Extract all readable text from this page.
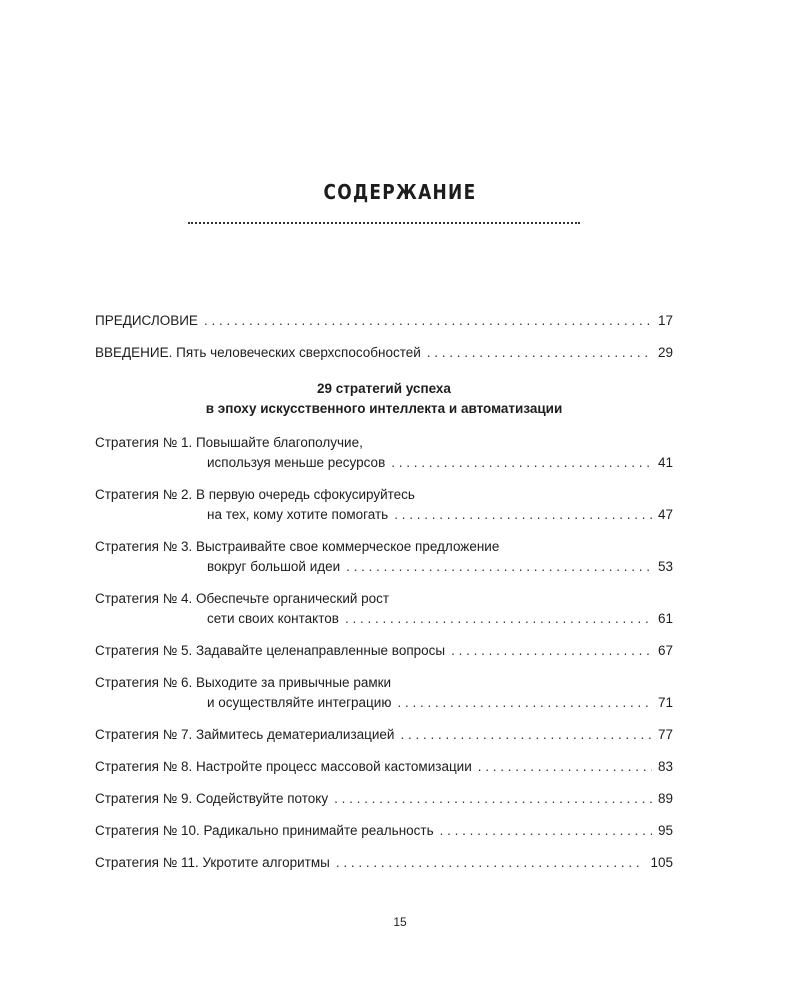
СОДЕРЖАНИЕ
ПРЕДИСЛОВИЕ . . .	17
ВВЕДЕНИЕ. Пять человеческих сверхспособностей . . .	29
29 стратегий успеха
в эпоху искусственного интеллекта и автоматизации
Стратегия № 1. Повышайте благополучие,
используя меньше ресурсов . . .	41
Стратегия № 2. В первую очередь сфокусируйтесь
на тех, кому хотите помогать . . .	47
Стратегия № 3. Выстраивайте свое коммерческое предложение
вокруг большой идеи . . .	53
Стратегия № 4. Обеспечьте органический рост
сети своих контактов . . .	61
Стратегия № 5. Задавайте целенаправленные вопросы . . .	67
Стратегия № 6. Выходите за привычные рамки
и осуществляйте интеграцию . . .	71
Стратегия № 7. Займитесь дематериализацией . . .	77
Стратегия № 8. Настройте процесс массовой кастомизации . . .	83
Стратегия № 9. Содействуйте потоку . . .	89
Стратегия № 10. Радикально принимайте реальность . . .	95
Стратегия № 11. Укротите алгоритмы . . .	105
15
